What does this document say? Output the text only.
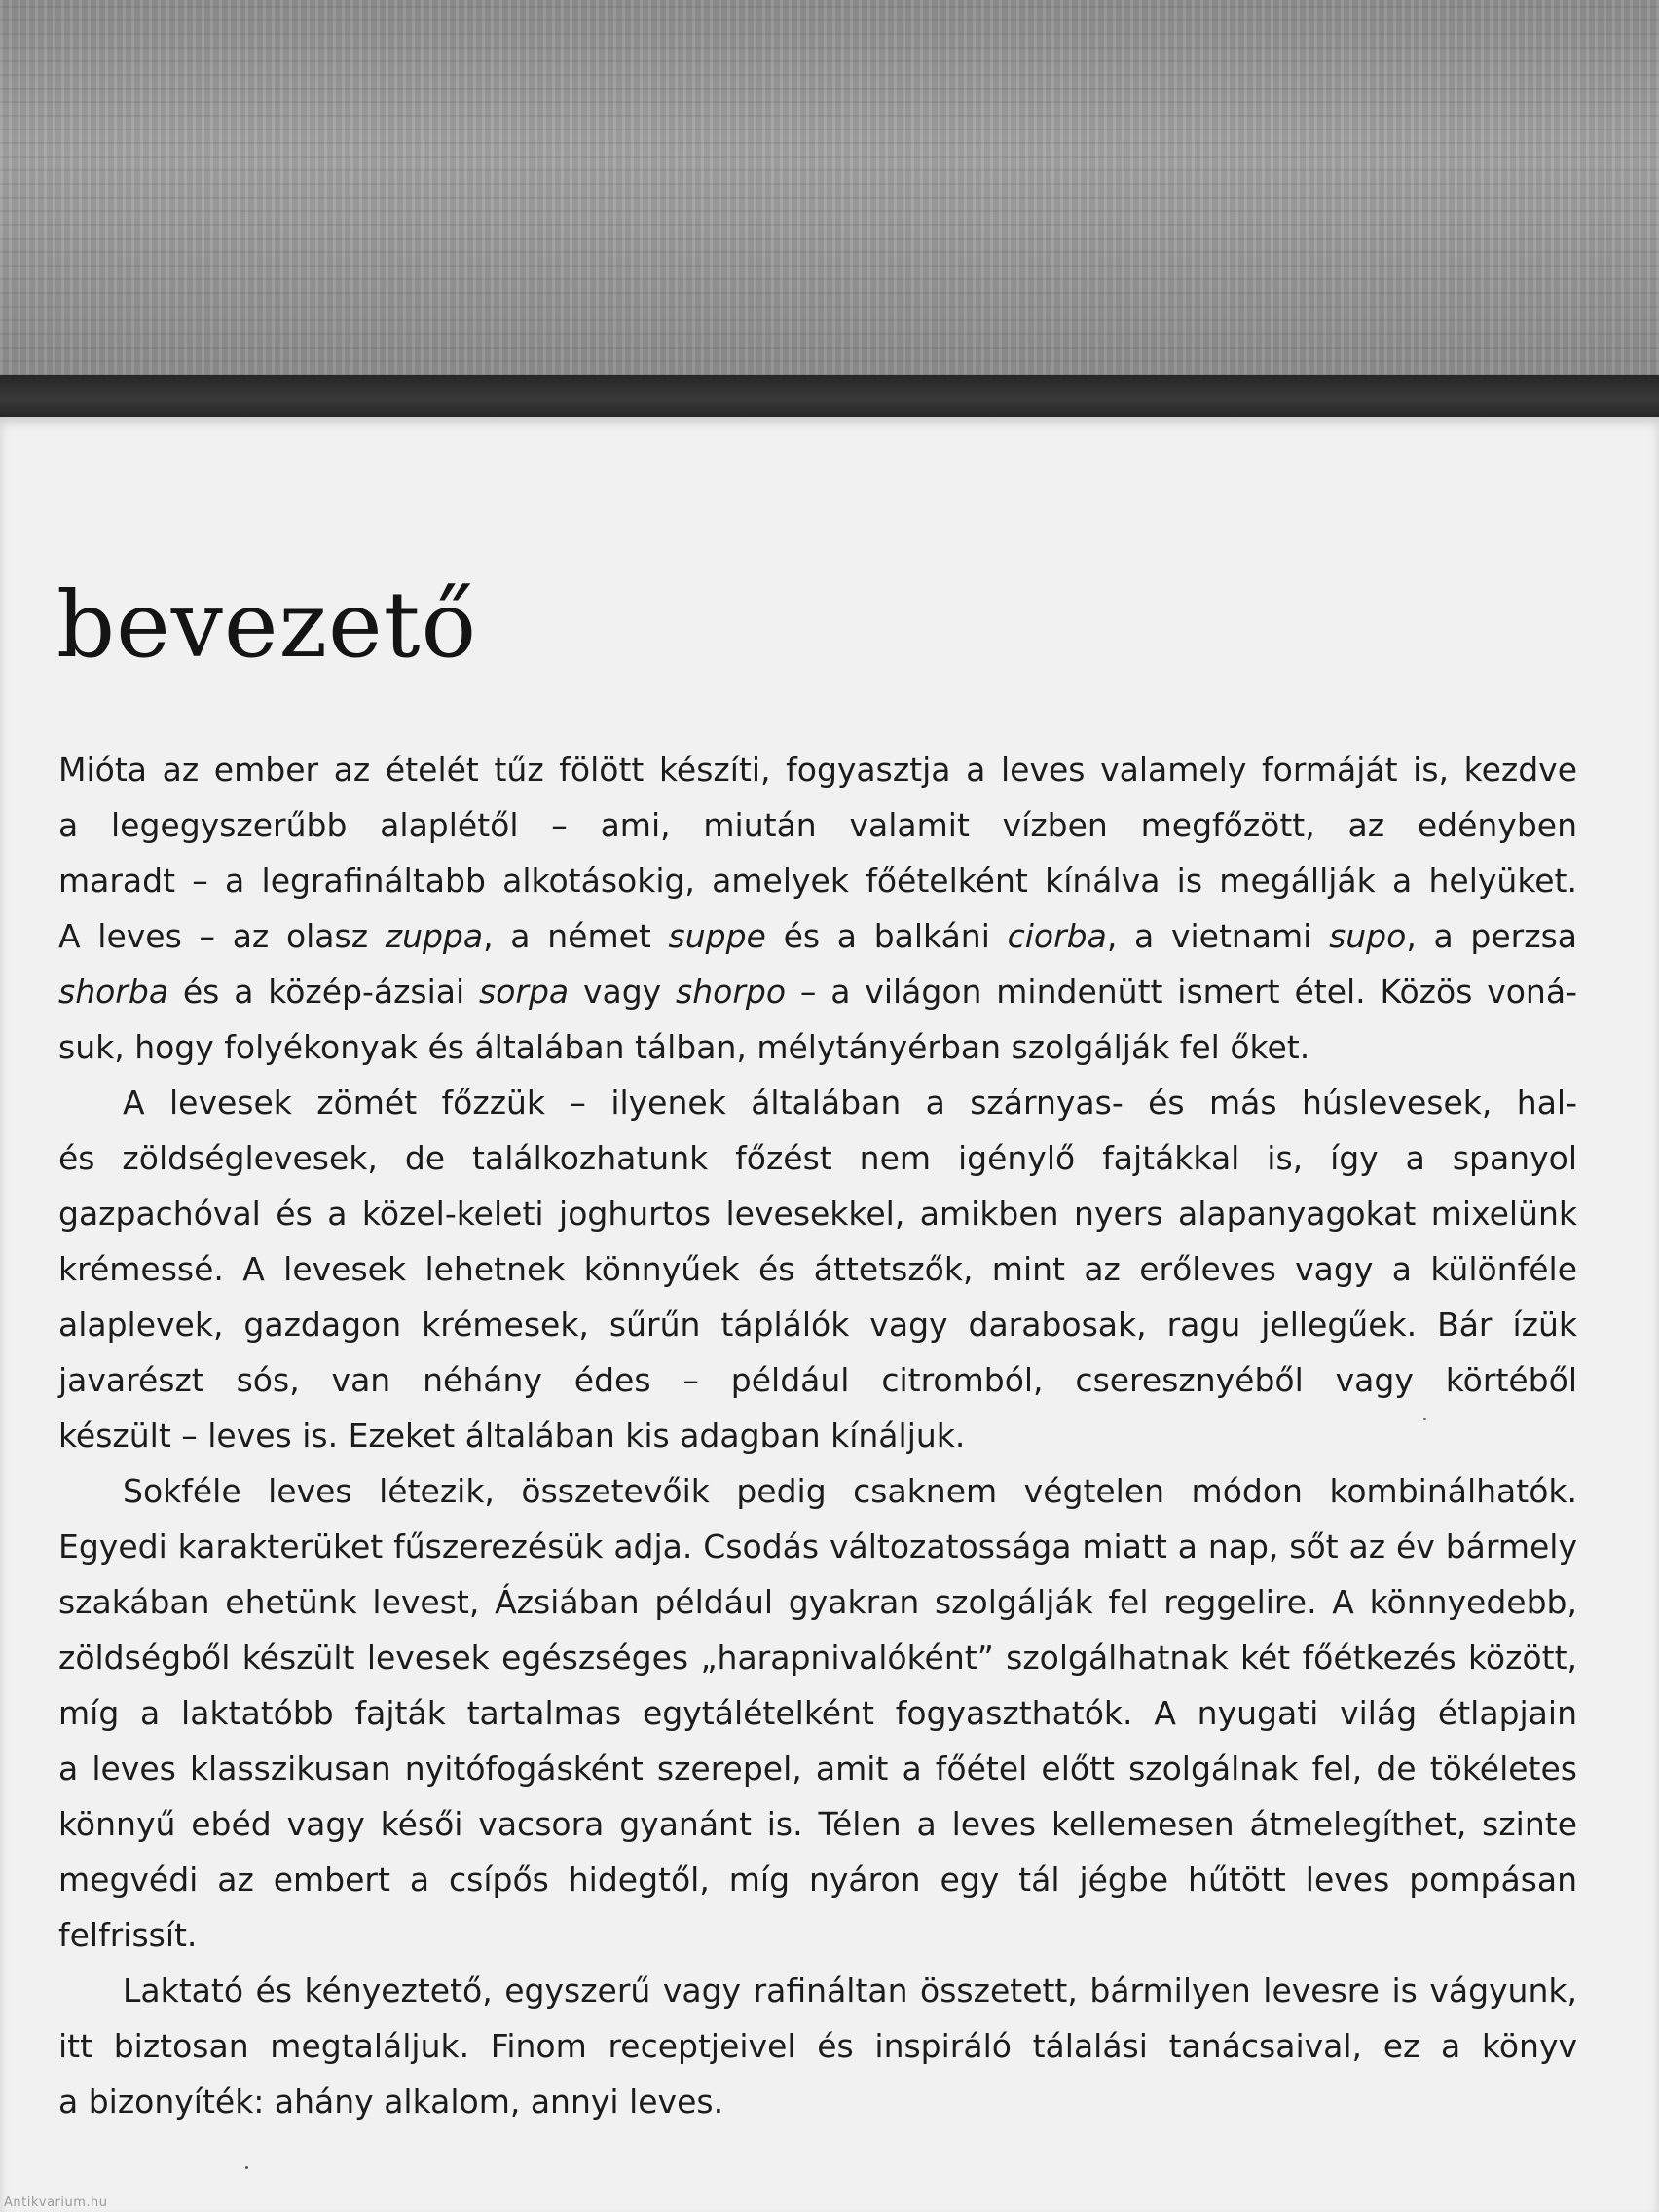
bevezető

Mióta az ember az ételét tűz fölött készíti, fogyasztja a leves valamely formáját is, kezdve
a legegyszerűbb alaplétől – ami, miután valamit vízben megfőzött, az edényben
maradt – a legrafináltabb alkotásokig, amelyek főételként kínálva is megállják a helyüket.
A leves – az olasz zuppa, a német suppe és a balkáni ciorba, a vietnami supo, a perzsa
shorba és a közép-ázsiai sorpa vagy shorpo – a világon mindenütt ismert étel. Közös voná-
suk, hogy folyékonyak és általában tálban, mélytányérban szolgálják fel őket.

A levesek zömét főzzük – ilyenek általában a szárnyas- és más húslevesek, hal-
és zöldséglevesek, de találkozhatunk főzést nem igénylő fajtákkal is, így a spanyol
gazpachóval és a közel-keleti joghurtos levesekkel, amikben nyers alapanyagokat mixelünk
krémessé. A levesek lehetnek könnyűek és áttetszők, mint az erőleves vagy a különféle
alaplevek, gazdagon krémesek, sűrűn táplálók vagy darabosak, ragu jellegűek. Bár ízük
javarészt sós, van néhány édes – például citromból, cseresznyéből vagy körtéből
készült – leves is. Ezeket általában kis adagban kínáljuk.

Sokféle leves létezik, összetevőik pedig csaknem végtelen módon kombinálhatók.
Egyedi karakterüket fűszerezésük adja. Csodás változatossága miatt a nap, sőt az év bármely
szakában ehetünk levest, Ázsiában például gyakran szolgálják fel reggelire. A könnyedebb,
zöldségből készült levesek egészséges „harapnivalóként” szolgálhatnak két főétkezés között,
míg a laktatóbb fajták tartalmas egytálételként fogyaszthatók. A nyugati világ étlapjain
a leves klasszikusan nyitófogásként szerepel, amit a főétel előtt szolgálnak fel, de tökéletes
könnyű ebéd vagy késői vacsora gyanánt is. Télen a leves kellemesen átmelegíthet, szinte
megvédi az embert a csípős hidegtől, míg nyáron egy tál jégbe hűtött leves pompásan
felfrissít.

Laktató és kényeztető, egyszerű vagy rafináltan összetett, bármilyen levesre is vágyunk,
itt biztosan megtaláljuk. Finom receptjeivel és inspiráló tálalási tanácsaival, ez a könyv
a bizonyíték: ahány alkalom, annyi leves.

Antikvarium.hu
